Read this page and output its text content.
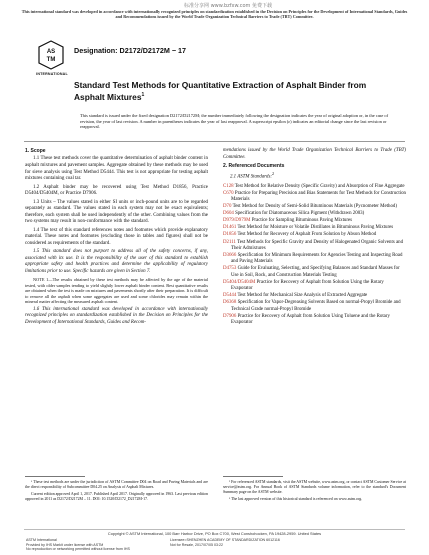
标准分享网 www.bzfxw.com 免费下载
This international standard was developed in accordance with internationally recognized principles on standardization established in the Decision on Principles for the Development of International Standards, Guides and Recommendations issued by the World Trade Organization Technical Barriers to Trade (TBT) Committee.
AS
TM
INTERNATIONAL
Designation: D2172/D2172M − 17
Standard Test Methods for Quantitative Extraction of Asphalt Binder from Asphalt Mixtures$^1$
This standard is issued under the fixed designation D2172/D2172M; the number immediately following the designation indicates the year of original adoption or, in the case of revision, the year of last revision. A number in parentheses indicates the year of last reapproval. A superscript epsilon (ε) indicates an editorial change since the last revision or reapproval.

1. Scope

1.1 These test methods cover the quantitative determination of asphalt binder content in asphalt mixtures and pavement samples. Aggregate obtained by these methods may be used for sieve analysis using Test Method D5444. This test is not appropriate for testing asphalt mixtures containing coal tar.

1.2 Asphalt binder may be recovered using Test Method D1856, Practice D5404/D5404M, or Practice D7906.

1.3 Units – The values stated in either SI units or inch-pound units are to be regarded separately as standard. The values stated in each system may not be exact equivalents; therefore, each system shall be used independently of the other. Combining values from the two systems may result in non-conformance with the standard.

1.4 The text of this standard references notes and footnotes which provide explanatory material. These notes and footnotes (excluding those in tables and figures) shall not be considered as requirements of the standard.

1.5 This standard does not purport to address all of the safety concerns, if any, associated with its use. It is the responsibility of the user of this standard to establish appropriate safety and health practices and determine the applicability of regulatory limitations prior to use. Specific hazards are given in Section 7.

NOTE 1—The results obtained by these test methods may be affected by the age of the material tested, with older samples tending to yield slightly lower asphalt binder content. Best quantitative results are obtained when the test is made on mixtures and pavements shortly after their preparation. It is difficult to remove all the asphalt when some aggregates are used and some chlorides may remain within the mineral matter affecting the measured asphalt content.

1.6 This international standard was developed in accordance with internationally recognized principles on standardization established in the Decision on Principles for the Development of International Standards, Guides and Recom-

mendations issued by the World Trade Organization Technical Barriers to Trade (TBT) Committee.

2. Referenced Documents

2.1 ASTM Standards:$^2$
C128 Test Method for Relative Density (Specific Gravity) and Absorption of Fine Aggregate
C670 Practice for Preparing Precision and Bias Statements for Test Methods for Construction Materials
D70 Test Method for Density of Semi-Solid Bituminous Materials (Pycnometer Method)
D604 Specification for Diatomaceous Silica Pigment (Withdrawn 2003)
D979/D979M Practice for Sampling Bituminous Paving Mixtures
D1461 Test Method for Moisture or Volatile Distillates in Bituminous Paving Mixtures
D1856 Test Method for Recovery of Asphalt From Solution by Abson Method
D2111 Test Methods for Specific Gravity and Density of Halogenated Organic Solvents and Their Admixtures
D3666 Specification for Minimum Requirements for Agencies Testing and Inspecting Road and Paving Materials
D4753 Guide for Evaluating, Selecting, and Specifying Balances and Standard Masses for Use in Soil, Rock, and Construction Materials Testing
D5404/D5404M Practice for Recovery of Asphalt from Solution Using the Rotary Evaporator
D5444 Test Method for Mechanical Size Analysis of Extracted Aggregate
D6368 Specification for Vapor-Degreasing Solvents Based on normal-Propyl Bromide and Technical Grade normal-Propyl Bromide
D7906 Practice for Recovery of Asphalt from Solution Using Toluene and the Rotary Evaporator

¹ These test methods are under the jurisdiction of ASTM Committee D04 on Road and Paving Materials and are the direct responsibility of Subcommittee D04.25 on Analysis of Asphalt Mixtures.

Current edition approved April 1, 2017. Published April 2017. Originally approved in 1963. Last previous edition approved in 2011 as D2172/D2172M – 11. DOI: 10.1520/D2172_D2172M-17.

² For referenced ASTM standards, visit the ASTM website, www.astm.org, or contact ASTM Customer Service at service@astm.org. For Annual Book of ASTM Standards volume information, refer to the standard's Document Summary page on the ASTM website.

³ The last approved version of this historical standard is referenced on www.astm.org.

Copyright © ASTM International, 100 Barr Harbor Drive, PO Box C700, West Conshohocken, PA 19428-2959. United States
ASTM International
Provided by IHS Markit under license with ASTM
No reproduction or networking permitted without license from IHS
Licensee=SHENZHEN ACADEMY OF STANDARDIZATION 6012116
Not for Resale, 2017/07/05 03:22
